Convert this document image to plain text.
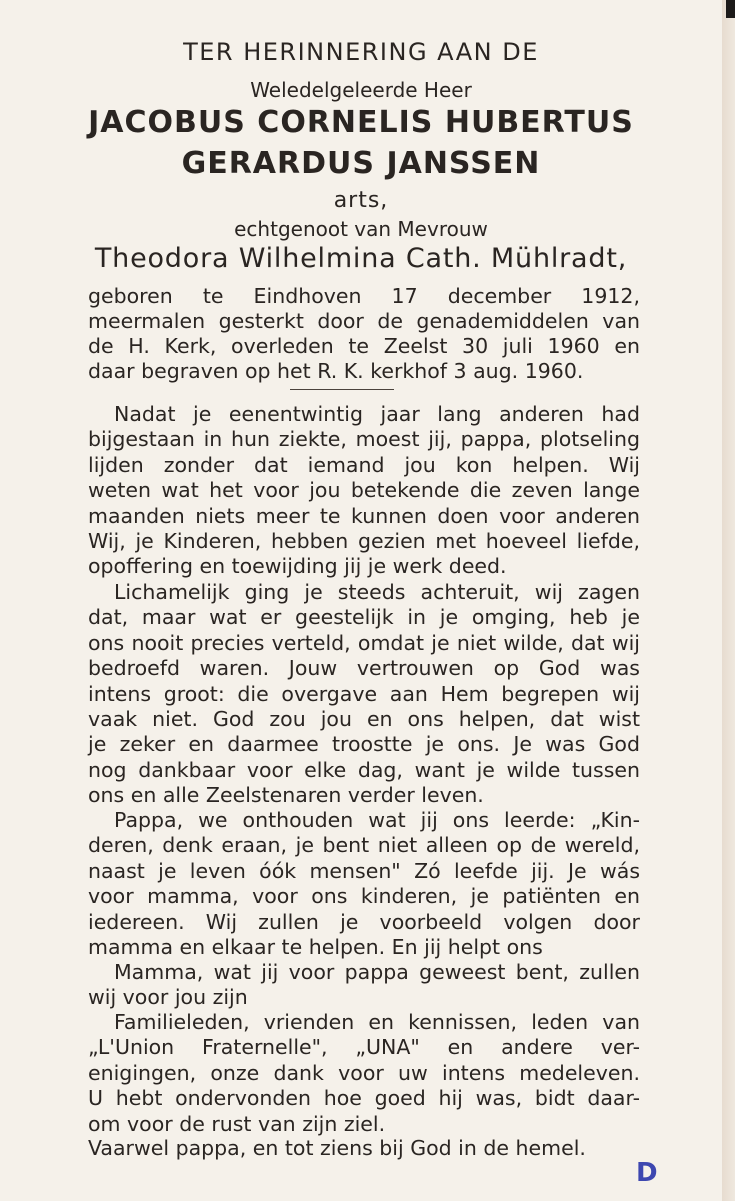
TER HERINNERING AAN DE

Weledelgeleerde Heer

JACOBUS CORNELIS HUBERTUS

GERARDUS JANSSEN

arts,

echtgenoot van Mevrouw

Theodora Wilhelmina Cath. Mühlradt,

geboren te Eindhoven 17 december 1912,

meermalen gesterkt door de genademiddelen van

de H. Kerk, overleden te Zeelst 30 juli 1960 en

daar begraven op het R. K. kerkhof 3 aug. 1960.

Nadat je eenentwintig jaar lang anderen had
bijgestaan in hun ziekte, moest jij, pappa, plotseling
lijden zonder dat iemand jou kon helpen. Wij
weten wat het voor jou betekende die zeven lange
maanden niets meer te kunnen doen voor anderen
Wij, je Kinderen, hebben gezien met hoeveel liefde,
opoffering en toewijding jij je werk deed.
Lichamelijk ging je steeds achteruit, wij zagen
dat, maar wat er geestelijk in je omging, heb je
ons nooit precies verteld, omdat je niet wilde, dat wij
bedroefd waren. Jouw vertrouwen op God was
intens groot: die overgave aan Hem begrepen wij
vaak niet. God zou jou en ons helpen, dat wist
je zeker en daarmee troostte je ons. Je was God
nog dankbaar voor elke dag, want je wilde tussen
ons en alle Zeelstenaren verder leven.
Pappa, we onthouden wat jij ons leerde: „Kin-
deren, denk eraan, je bent niet alleen op de wereld,
naast je leven óók mensen" Zó leefde jij. Je wás
voor mamma, voor ons kinderen, je patiënten en
iedereen. Wij zullen je voorbeeld volgen door
mamma en elkaar te helpen. En jij helpt ons
Mamma, wat jij voor pappa geweest bent, zullen
wij voor jou zijn
Familieleden, vrienden en kennissen, leden van
„L'Union Fraternelle", „UNA" en andere ver-
enigingen, onze dank voor uw intens medeleven.
U hebt ondervonden hoe goed hij was, bidt daar-
om voor de rust van zijn ziel.
Vaarwel pappa, en tot ziens bij God in de hemel.
D
